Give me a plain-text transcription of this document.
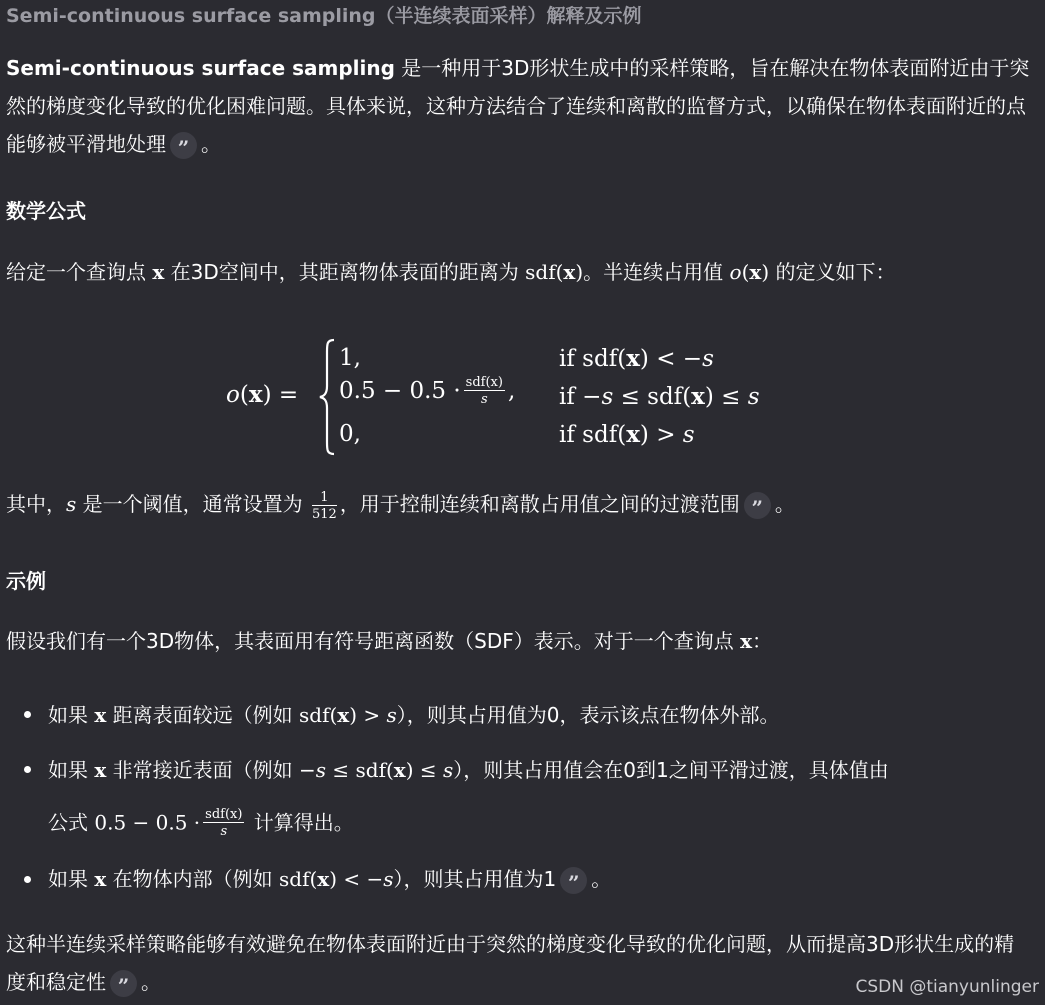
Semi-continuous surface sampling（半连续表面采样）解释及示例
Semi-continuous surface sampling 是一种用于3D形状生成中的采样策略，旨在解决在物体表面附近由于突然的梯度变化导致的优化困难问题。具体来说，这种方法结合了连续和离散的监督方式，以确保在物体表面附近的点能够被平滑地处理 ” 。
数学公式
给定一个查询点 x 在3D空间中，其距离物体表面的距离为 sdf(x)。半连续占用值 o(x) 的定义如下：
o(x) =
1,	if sdf(x) < −s
$0.5 - 0.5 \cdot \frac{\text{sdf(x)}}{s}$ , if −s ≤ sdf(x) ≤ s
0,	if sdf(x) > s
其中，s 是一个阈值，通常设置为 $\frac{1}{512}$ ，用于控制连续和离散占用值之间的过渡范围 ” 。
示例
假设我们有一个3D物体，其表面用有符号距离函数（SDF）表示。对于一个查询点 x：
如果 x 距离表面较远（例如 sdf(x) > s），则其占用值为0，表示该点在物体外部。
如果 x 非常接近表面（例如 −s ≤ sdf(x) ≤ s），则其占用值会在0到1之间平滑过渡，具体值由
公式 $0.5 - 0.5 \cdot \frac{\text{sdf(x)}}{s}$ 计算得出。
如果 x 在物体内部（例如 sdf(x) < −s），则其占用值为1 ” 。
这种半连续采样策略能够有效避免在物体表面附近由于突然的梯度变化导致的优化问题，从而提高3D形状生成的精度和稳定性 ” 。	CSDN @tianyunlinger
